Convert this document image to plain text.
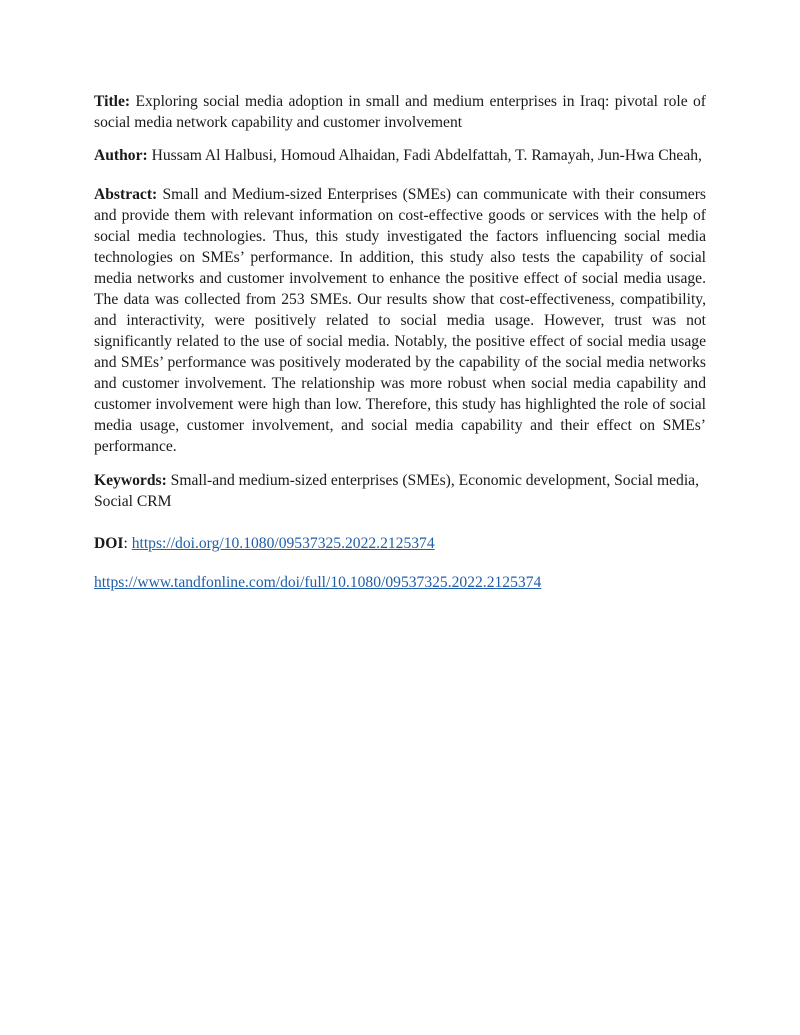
Title: Exploring social media adoption in small and medium enterprises in Iraq: pivotal role of social media network capability and customer involvement

Author: Hussam Al Halbusi, Homoud Alhaidan, Fadi Abdelfattah, T. Ramayah, Jun-Hwa Cheah,

Abstract: Small and Medium-sized Enterprises (SMEs) can communicate with their consumers and provide them with relevant information on cost-effective goods or services with the help of social media technologies. Thus, this study investigated the factors influencing social media technologies on SMEs’ performance. In addition, this study also tests the capability of social media networks and customer involvement to enhance the positive effect of social media usage. The data was collected from 253 SMEs. Our results show that cost-effectiveness, compatibility, and interactivity, were positively related to social media usage. However, trust was not significantly related to the use of social media. Notably, the positive effect of social media usage and SMEs’ performance was positively moderated by the capability of the social media networks and customer involvement. The relationship was more robust when social media capability and customer involvement were high than low. Therefore, this study has highlighted the role of social media usage, customer involvement, and social media capability and their effect on SMEs’ performance.

Keywords: Small-and medium-sized enterprises (SMEs), Economic development, Social media, Social CRM

DOI: https://doi.org/10.1080/09537325.2022.2125374

https://www.tandfonline.com/doi/full/10.1080/09537325.2022.2125374
